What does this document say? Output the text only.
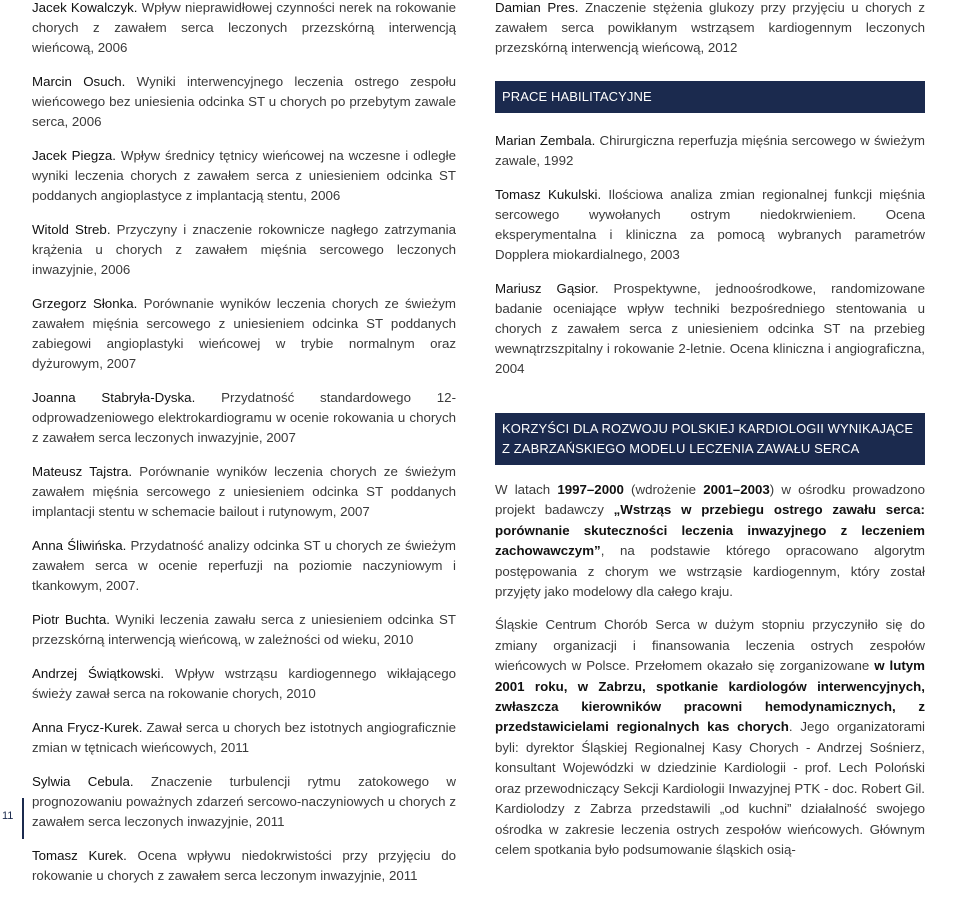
Jacek Kowalczyk. Wpływ nieprawidłowej czynności nerek na rokowanie chorych z zawałem serca leczonych przezskórną interwencją wieńcową, 2006

Marcin Osuch. Wyniki interwencyjnego leczenia ostrego zespołu wieńcowego bez uniesienia odcinka ST u chorych po przebytym zawale serca, 2006

Jacek Piegza. Wpływ średnicy tętnicy wieńcowej na wczesne i odległe wyniki leczenia chorych z zawałem serca z uniesieniem odcinka ST poddanych angioplastyce z implantacją stentu, 2006

Witold Streb. Przyczyny i znaczenie rokownicze nagłego zatrzymania krążenia u chorych z zawałem mięśnia sercowego leczonych inwazyjnie, 2006

Grzegorz Słonka. Porównanie wyników leczenia chorych ze świeżym zawałem mięśnia sercowego z uniesieniem odcinka ST poddanych zabiegowi angioplastyki wieńcowej w trybie normalnym oraz dyżurowym, 2007

Joanna Stabryła-Dyska. Przydatność standardowego 12-odprowadzeniowego elektrokardiogramu w ocenie rokowania u chorych z zawałem serca leczonych inwazyjnie, 2007

Mateusz Tajstra. Porównanie wyników leczenia chorych ze świeżym zawałem mięśnia sercowego z uniesieniem odcinka ST poddanych implantacji stentu w schemacie bailout i rutynowym, 2007

Anna Śliwińska. Przydatność analizy odcinka ST u chorych ze świeżym zawałem serca w ocenie reperfuzji na poziomie naczyniowym i tkankowym, 2007.

Piotr Buchta. Wyniki leczenia zawału serca z uniesieniem odcinka ST przezskórną interwencją wieńcową, w zależności od wieku, 2010

Andrzej Świątkowski. Wpływ wstrząsu kardiogennego wikłającego świeży zawał serca na rokowanie chorych, 2010

Anna Frycz-Kurek. Zawał serca u chorych bez istotnych angiograficznie zmian w tętnicach wieńcowych, 2011

Sylwia Cebula. Znaczenie turbulencji rytmu zatokowego w prognozowaniu poważnych zdarzeń sercowo-naczyniowych u chorych z zawałem serca leczonych inwazyjnie, 2011

Tomasz Kurek. Ocena wpływu niedokrwistości przy przyjęciu do rokowanie u chorych z zawałem serca leczonym inwazyjnie, 2011

Damian Pres. Znaczenie stężenia glukozy przy przyjęciu u chorych z zawałem serca powikłanym wstrząsem kardiogennym leczonych przezskórną interwencją wieńcową, 2012

PRACE HABILITACYJNE

Marian Zembala. Chirurgiczna reperfuzja mięśnia sercowego w świeżym zawale, 1992

Tomasz Kukulski. Ilościowa analiza zmian regionalnej funkcji mięśnia sercowego wywołanych ostrym niedokrwieniem. Ocena eksperymentalna i kliniczna za pomocą wybranych parametrów Dopplera miokardialnego, 2003

Mariusz Gąsior. Prospektywne, jednoośrodkowe, randomizowane badanie oceniające wpływ techniki bezpośredniego stentowania u chorych z zawałem serca z uniesieniem odcinka ST na przebieg wewnątrzszpitalny i rokowanie 2-letnie. Ocena kliniczna i angiograficzna, 2004

KORZYŚCI DLA ROZWOJU POLSKIEJ KARDIOLOGII WYNIKAJĄCE Z ZABRZAŃSKIEGO MODELU LECZENIA ZAWAŁU SERCA

W latach 1997–2000 (wdrożenie 2001–2003) w ośrodku prowadzono projekt badawczy „Wstrząs w przebiegu ostrego zawału serca: porównanie skuteczności leczenia inwazyjnego z leczeniem zachowawczym”, na podstawie którego opracowano algorytm postępowania z chorym we wstrząsie kardiogennym, który został przyjęty jako modelowy dla całego kraju.

Śląskie Centrum Chorób Serca w dużym stopniu przyczyniło się do zmiany organizacji i finansowania leczenia ostrych zespołów wieńcowych w Polsce. Przełomem okazało się zorganizowane w lutym 2001 roku, w Zabrzu, spotkanie kardiologów interwencyjnych, zwłaszcza kierowników pracowni hemodynamicznych, z przedstawicielami regionalnych kas chorych. Jego organizatorami byli: dyrektor Śląskiej Regionalnej Kasy Chorych - Andrzej Sośnierz, konsultant Wojewódzki w dziedzinie Kardiologii - prof. Lech Poloński oraz przewodniczący Sekcji Kardiologii Inwazyjnej PTK - doc. Robert Gil. Kardiolodzy z Zabrza przedstawili „od kuchni” działalność swojego ośrodka w zakresie leczenia ostrych zespołów wieńcowych. Głównym celem spotkania było podsumowanie śląskich osią-

11
